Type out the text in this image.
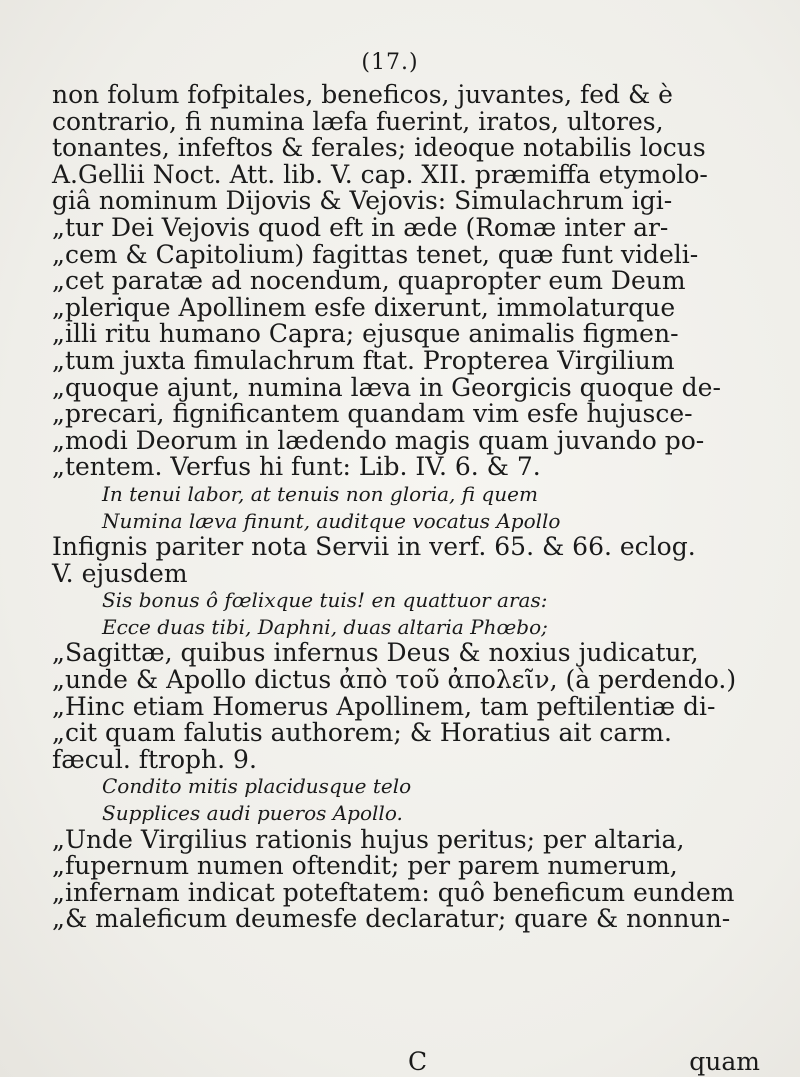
(17.)
non folum fofpitales, beneficos, juvantes, fed & è
contrario, fi numina læfa fuerint, iratos, ultores,
tonantes, infeftos & ferales; ideoque notabilis locus
A.Gellii Noct. Att. lib. V. cap. XII. præmiffa etymolo-
giâ nominum Dijovis & Vejovis: Simulachrum igi-
„tur Dei Vejovis quod eft in æde (Romæ inter ar-
„cem & Capitolium) fagittas tenet, quæ funt videli-
„cet paratæ ad nocendum, quapropter eum Deum
„plerique Apollinem esfe dixerunt, immolaturque
„illi ritu humano Capra; ejusque animalis figmen-
„tum juxta fimulachrum ftat. Propterea Virgilium
„quoque ajunt, numina læva in Georgicis quoque de-
„precari, fignificantem quandam vim esfe hujusce-
„modi Deorum in lædendo magis quam juvando po-
„tentem. Verfus hi funt: Lib. IV. 6. & 7.
In tenui labor, at tenuis non gloria, fi quem
Numina læva finunt, auditque vocatus Apollo
Infignis pariter nota Servii in verf. 65. & 66. eclog.
V. ejusdem
Sis bonus ô fœlixque tuis! en quattuor aras:
Ecce duas tibi, Daphni, duas altaria Phœbo;
„Sagittæ, quibus infernus Deus & noxius judicatur,
„unde & Apollo dictus ἀπὸ τοῦ ἀπολεῖν, (à perdendo.)
„Hinc etiam Homerus Apollinem, tam peftilentiæ di-
„cit quam falutis authorem; & Horatius ait carm.
fæcul. ftroph. 9.
Condito mitis placidusque telo
Supplices audi pueros Apollo.
„Unde Virgilius rationis hujus peritus; per altaria,
„fupernum numen oftendit; per parem numerum,
„infernam indicat poteftatem: quô beneficum eundem
„& maleficum deumesfe declaratur; quare & nonnun-
C	quam
